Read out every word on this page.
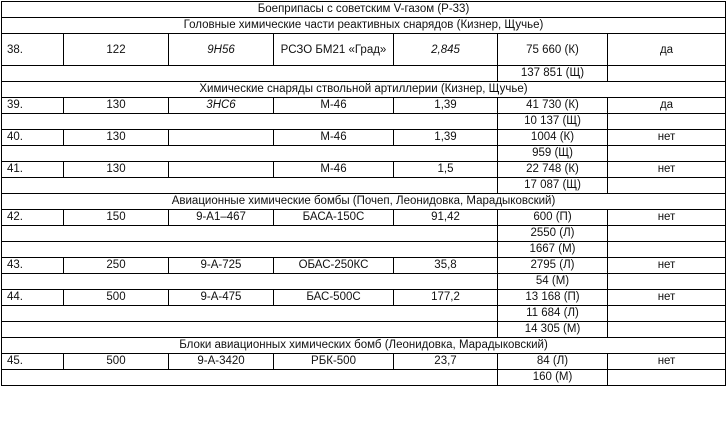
Боеприпасы с советским V-газом (Р-33)						
Головные химические части реактивных снарядов (Кизнер, Щучье)						
38.	122	9Н56	РСЗО БМ21 «Град»	2,845	75 660 (К)	да
					137 851 (Щ)	
Химические снаряды ствольной артиллерии (Кизнер, Щучье)						
39.	130	3НС6	М-46	1,39	41 730 (К)	да
					10 137 (Щ)	
40.	130		М-46	1,39	1004 (К)	нет
					959 (Щ)	
41.	130		М-46	1,5	22 748 (К)	нет
					17 087 (Щ)	
Авиационные химические бомбы (Почеп, Леонидовка, Марадыковский)						
42.	150	9-А1–467	БАСА-150С	91,42	600 (П)	нет
					2550 (Л)	
					1667 (М)	
43.	250	9-А-725	ОБАС-250КС	35,8	2795 (Л)	нет
					54 (М)	
44.	500	9-А-475	БАС-500С	177,2	13 168 (П)	нет
					11 684 (Л)	
					14 305 (М)	
Блоки авиационных химических бомб (Леонидовка, Марадыковский)						
45.	500	9-А-3420	РБК-500	23,7	84 (Л)	нет
					160 (М)	
